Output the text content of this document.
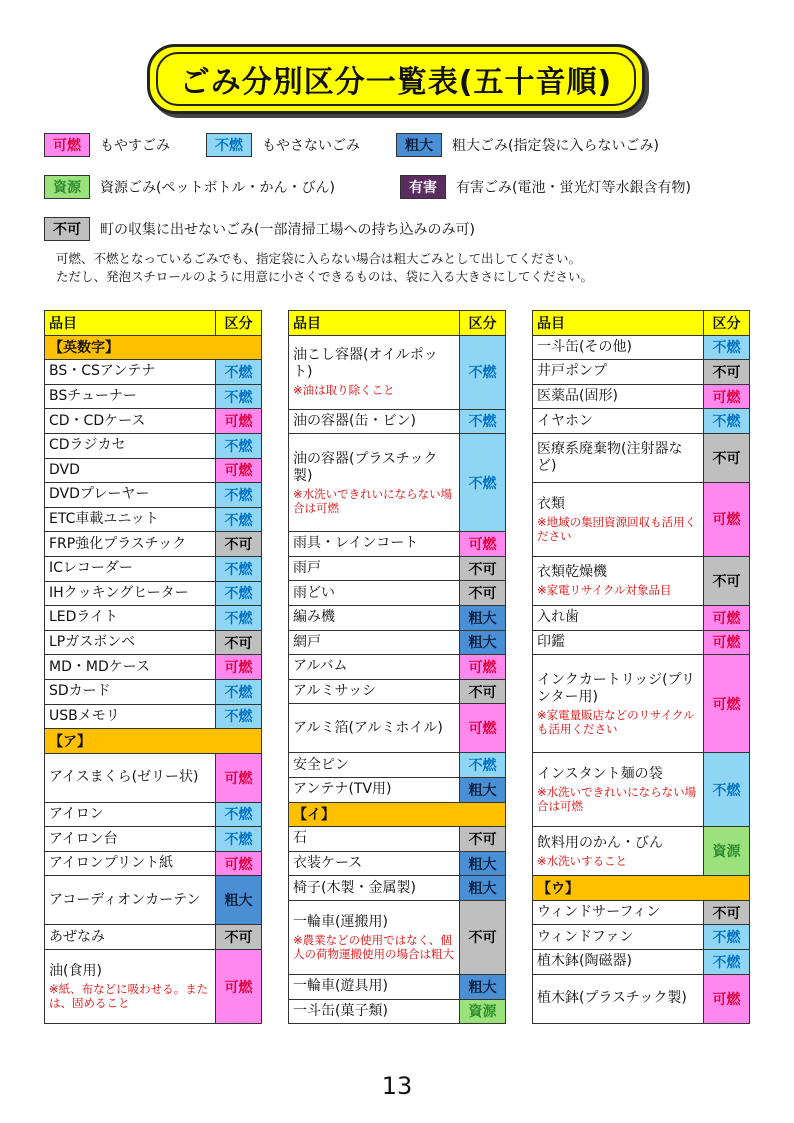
ごみ分別区分一覧表(五十音順)
可燃	もやすごみ	不燃	もやさないごみ	粗大	粗大ごみ(指定袋に入らないごみ)
資源	資源ごみ(ペットボトル・かん・びん)	有害	有害ごみ(電池・蛍光灯等水銀含有物)
不可	町の収集に出せないごみ(一部清掃工場への持ち込みのみ可)
可燃、不燃となっているごみでも、指定袋に入らない場合は粗大ごみとして出してください。
ただし、発泡スチロールのように用意に小さくできるものは、袋に入る大きさにしてください。
品目	区分
【英数字】	
BS・CSアンテナ	不燃
BSチューナー	不燃
CD・CDケース	可燃
CDラジカセ	不燃
DVD	可燃
DVDプレーヤー	不燃
ETC車載ユニット	不燃
FRP強化プラスチック	不可
ICレコーダー	不燃
IHクッキングヒーター	不燃
LEDライト	不燃
LPガスボンベ	不可
MD・MDケース	可燃
SDカード	不燃
USBメモリ	不燃
【ア】	
アイスまくら(ゼリー状)	可燃
アイロン	不燃
アイロン台	不燃
アイロンプリント紙	可燃
アコーディオンカーテン	粗大
あぜなみ	不可
油(食用)
※紙、布などに吸わせる。または、固めること	可燃
品目	区分
油こし容器(オイルポット)
※油は取り除くこと	不燃
油の容器(缶・ビン)	不燃
油の容器(プラスチック製)
※水洗いできれいにならない場合は可燃	不燃
雨具・レインコート	可燃
雨戸	不可
雨どい	不可
編み機	粗大
網戸	粗大
アルバム	可燃
アルミサッシ	不可
アルミ箔(アルミホイル)	可燃
安全ピン	不燃
アンテナ(TV用)	粗大
【イ】	
石	不可
衣装ケース	粗大
椅子(木製・金属製)	粗大
一輪車(運搬用)
※農業などの使用ではなく、個人の荷物運搬使用の場合は粗大	不可
一輪車(遊具用)	粗大
一斗缶(菓子類)	資源
品目	区分
一斗缶(その他)	不燃
井戸ポンプ	不可
医薬品(固形)	可燃
イヤホン	不燃
医療系廃棄物(注射器など)	不可
衣類
※地域の集団資源回収も活用ください	可燃
衣類乾燥機
※家電リサイクル対象品目	不可
入れ歯	可燃
印鑑	可燃
インクカートリッジ(プリンター用)
※家電量販店などのリサイクルも活用ください	可燃
インスタント麺の袋
※水洗いできれいにならない場合は可燃	不燃
飲料用のかん・びん
※水洗いすること	資源
【ウ】	
ウィンドサーフィン	不可
ウィンドファン	不燃
植木鉢(陶磁器)	不燃
植木鉢(プラスチック製)	可燃
13
